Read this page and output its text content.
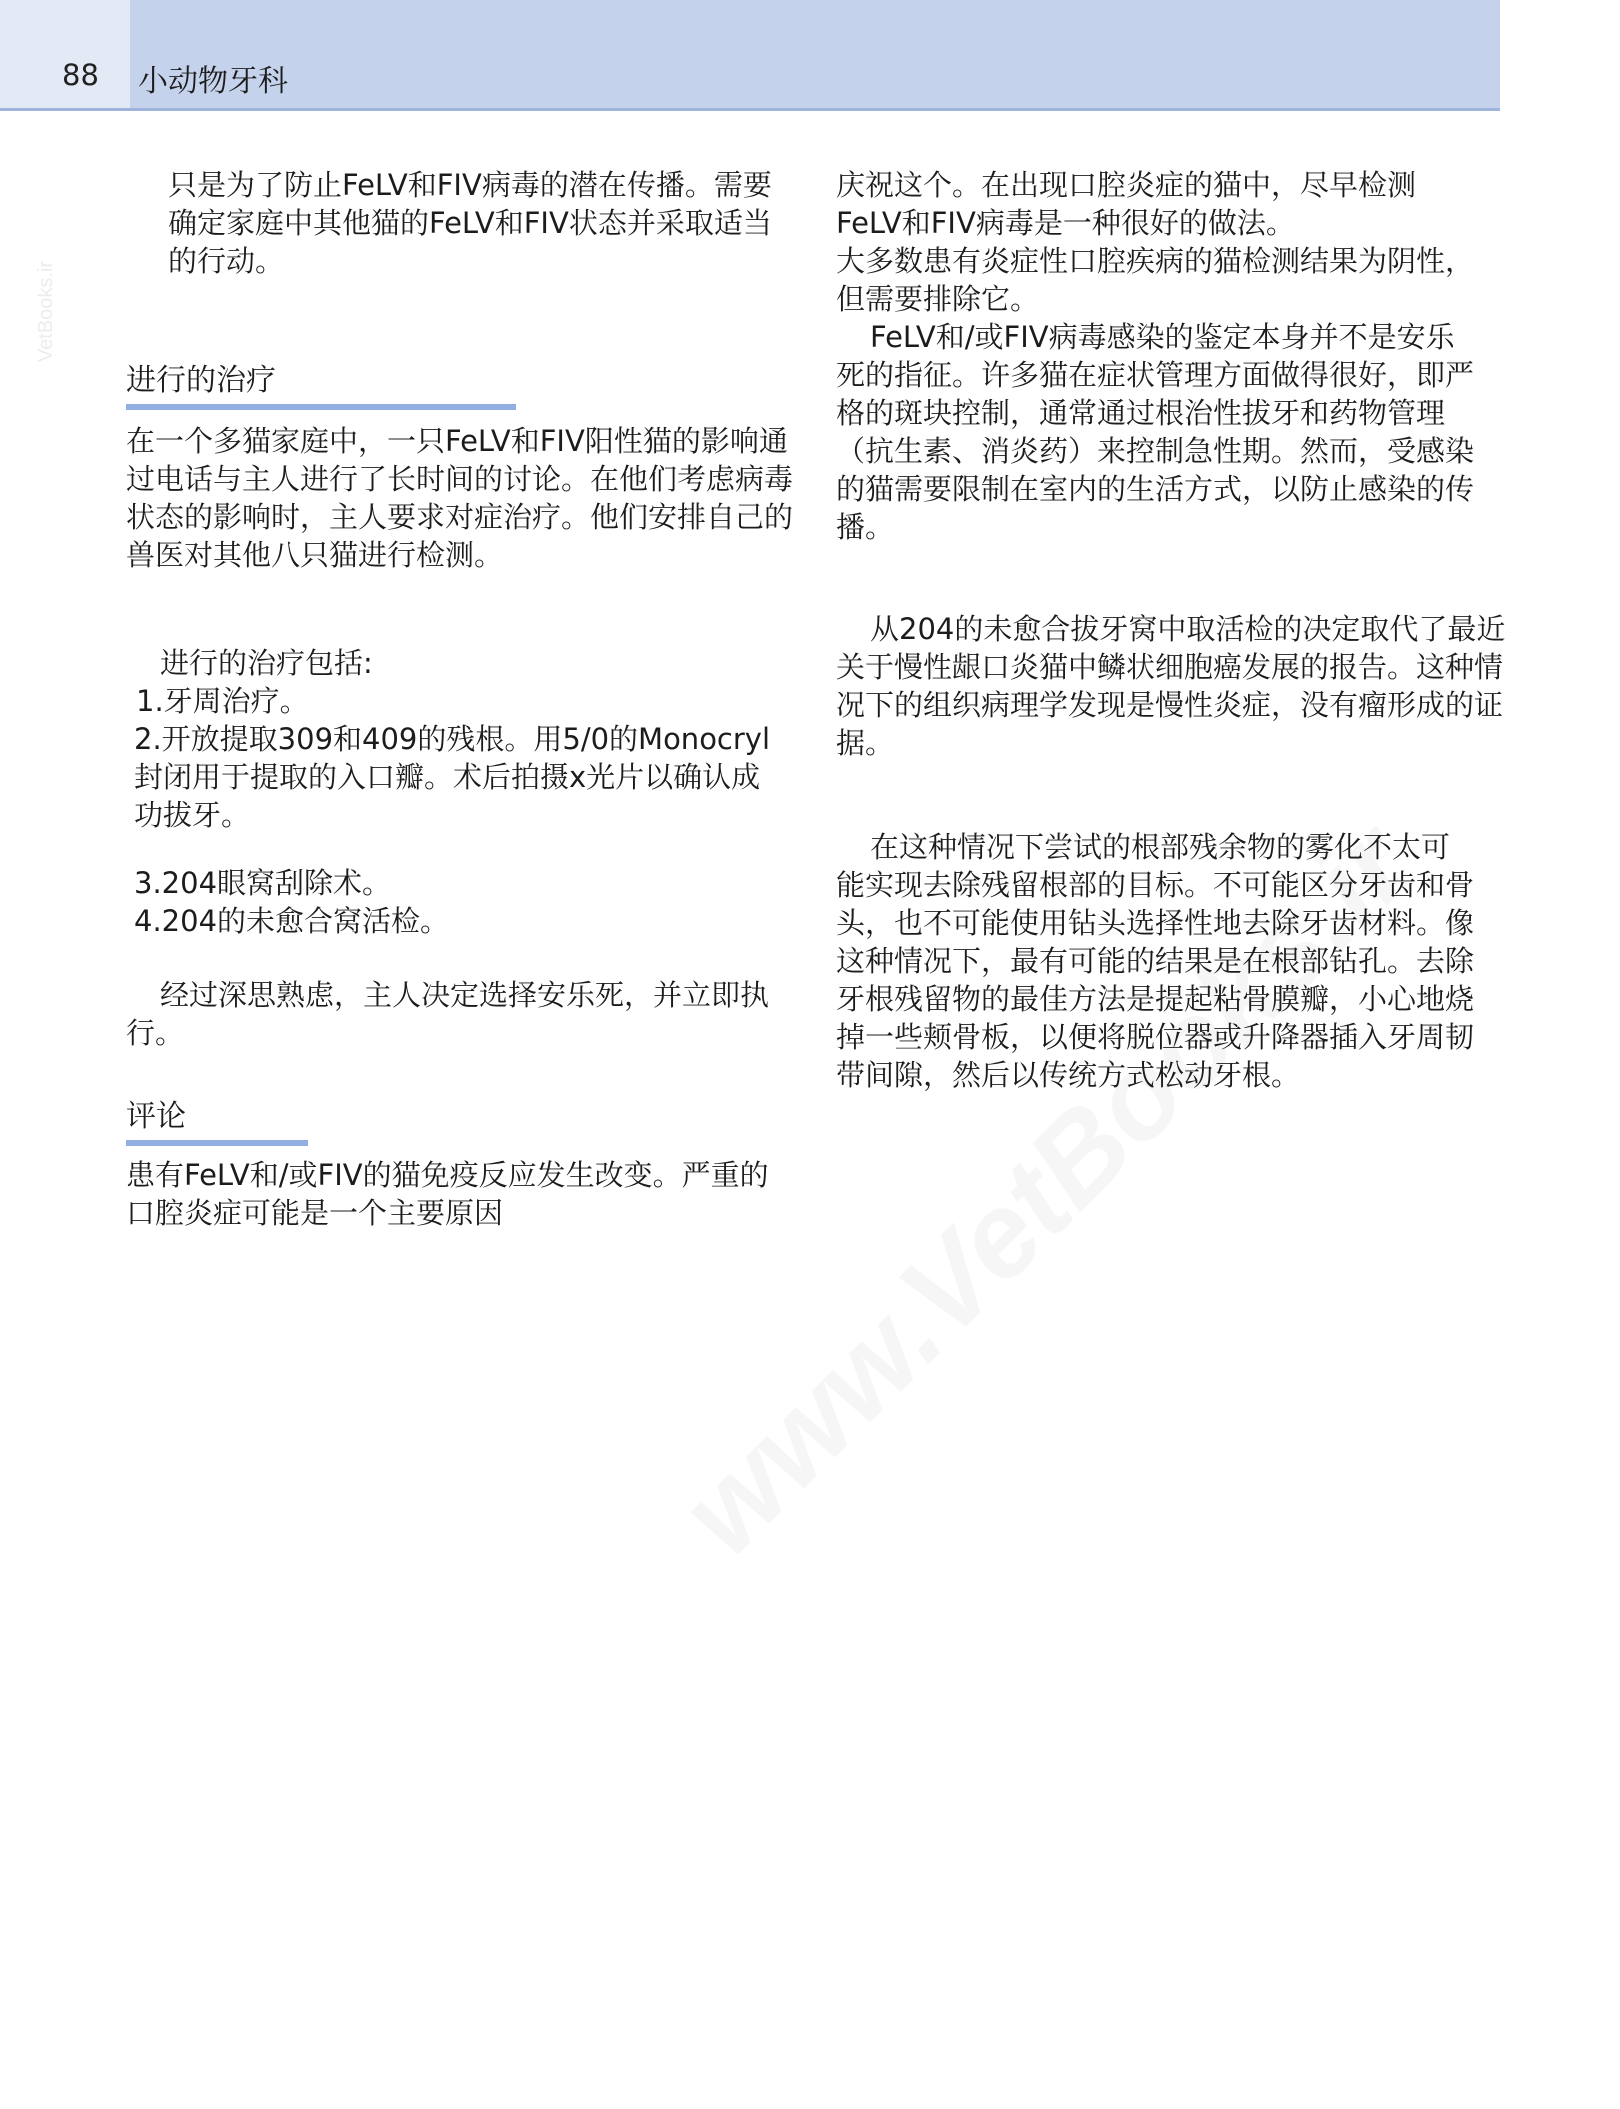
88 小动物牙科
VetBooks.ir

只是为了防止FeLV和FIV病毒的潜在传播。需要确定家庭中其他猫的FeLV和FIV状态并采取适当的行动。

进行的治疗

在一个多猫家庭中，一只FeLV和FIV阳性猫的影响通过电话与主人进行了长时间的讨论。在他们考虑病毒状态的影响时，主人要求对症治疗。他们安排自己的兽医对其他八只猫进行检测。

进行的治疗包括:
1.牙周治疗。
2.开放提取309和409的残根。用5/0的Monocryl封闭用于提取的入口瓣。术后拍摄x光片以确认成功拔牙。
3.204眼窝刮除术。
4.204的未愈合窝活检。

经过深思熟虑，主人决定选择安乐死，并立即执行。

评论

患有FeLV和/或FIV的猫免疫反应发生改变。严重的口腔炎症可能是一个主要原因

庆祝这个。在出现口腔炎症的猫中，尽早检测FeLV和FIV病毒是一种很好的做法。

大多数患有炎症性口腔疾病的猫检测结果为阴性，但需要排除它。

FeLV和/或FIV病毒感染的鉴定本身并不是安乐死的指征。许多猫在症状管理方面做得很好，即严格的斑块控制，通常通过根治性拔牙和药物管理（抗生素、消炎药）来控制急性期。然而，受感染的猫需要限制在室内的生活方式，以防止感染的传播。

从204的未愈合拔牙窝中取活检的决定取代了最近关于慢性龈口炎猫中鳞状细胞癌发展的报告。这种情况下的组织病理学发现是慢性炎症，没有瘤形成的证据。

在这种情况下尝试的根部残余物的雾化不太可能实现去除残留根部的目标。不可能区分牙齿和骨头，也不可能使用钻头选择性地去除牙齿材料。像这种情况下，最有可能的结果是在根部钻孔。去除牙根残留物的最佳方法是提起粘骨膜瓣，小心地烧掉一些颊骨板，以便将脱位器或升降器插入牙周韧带间隙，然后以传统方式松动牙根。
